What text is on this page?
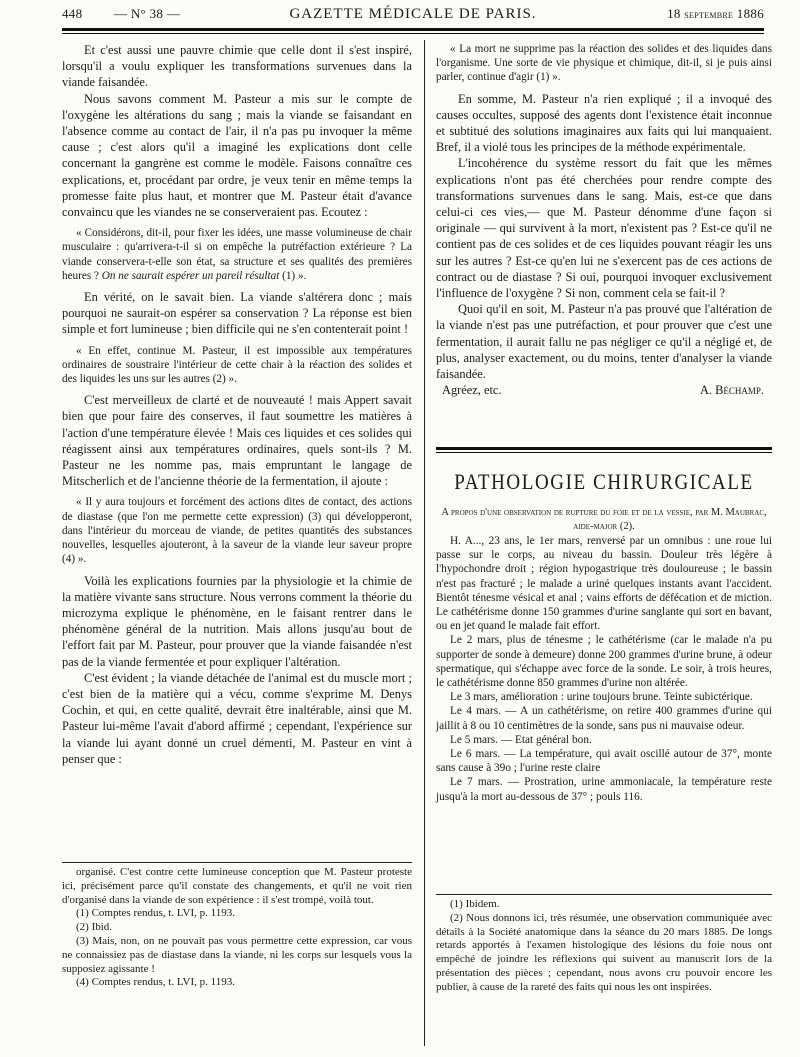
448 — N° 38 —	GAZETTE MÉDICALE DE PARIS.	18 septembre 1886

Et c'est aussi une pauvre chimie que celle dont il s'est inspiré, lorsqu'il a voulu expliquer les transformations survenues dans la viande faisandée.

Nous savons comment M. Pasteur a mis sur le compte de l'oxygène les altérations du sang ; mais la viande se faisandant en l'absence comme au contact de l'air, il n'a pas pu invoquer la même cause ; c'est alors qu'il a imaginé les explications dont celle concernant la gangrène est comme le modèle. Faisons connaître ces explications, et, procédant par ordre, je veux tenir en même temps la promesse faite plus haut, et montrer que M. Pasteur était d'avance convaincu que les viandes ne se conserveraient pas. Ecoutez :

« Considérons, dit-il, pour fixer les idées, une masse volumineuse de chair musculaire : qu'arrivera-t-il si on empêche la putréfaction extérieure ? La viande conservera-t-elle son état, sa structure et ses qualités des premières heures ? On ne saurait espérer un pareil résultat (1) ».

En vérité, on le savait bien. La viande s'altérera donc ; mais pourquoi ne saurait-on espérer sa conservation ? La réponse est bien simple et fort lumineuse ; bien difficile qui ne s'en contenterait point !

« En effet, continue M. Pasteur, il est impossible aux températures ordinaires de soustraire l'intérieur de cette chair à la réaction des solides et des liquides les uns sur les autres (2) ».

C'est merveilleux de clarté et de nouveauté ! mais Appert savait bien que pour faire des conserves, il faut soumettre les matières à l'action d'une température élevée ! Mais ces liquides et ces solides qui réagissent ainsi aux températures ordinaires, quels sont-ils ? M. Pasteur ne les nomme pas, mais empruntant le langage de Mitscherlich et de l'ancienne théorie de la fermentation, il ajoute :

« Il y aura toujours et forcément des actions dites de contact, des actions de diastase (que l'on me permette cette expression) (3) qui développeront, dans l'intérieur du morceau de viande, de petites quantités des substances nouvelles, lesquelles ajouteront, à la saveur de la viande leur saveur propre (4) ».

Voilà les explications fournies par la physiologie et la chimie de la matière vivante sans structure. Nous verrons comment la théorie du microzyma explique le phénomène, en le faisant rentrer dans le phénomène général de la nutrition. Mais allons jusqu'au bout de l'effort fait par M. Pasteur, pour prouver que la viande faisandée n'est pas de la viande fermentée et pour expliquer l'altération.

C'est évident ; la viande détachée de l'animal est du muscle mort ; c'est bien de la matière qui a vécu, comme s'exprime M. Denys Cochin, et qui, en cette qualité, devrait être inaltérable, ainsi que M. Pasteur lui-même l'avait d'abord affirmé ; cependant, l'expérience sur la viande lui ayant donné un cruel démenti, M. Pasteur en vint à penser que :

organisé. C'est contre cette lumineuse conception que M. Pasteur proteste ici, précisément parce qu'il constate des changements, et qu'il ne voit rien d'organisé dans la viande de son expérience : il s'est trompé, voilà tout.

(1) Comptes rendus, t. LVI, p. 1193.

(2) Ibid.

(3) Mais, non, on ne pouvait pas vous permettre cette expression, car vous ne connaissiez pas de diastase dans la viande, ni les corps sur lesquels vous la supposiez agissante !

(4) Comptes rendus, t. LVI, p. 1193.

« La mort ne supprime pas la réaction des solides et des liquides dans l'organisme. Une sorte de vie physique et chimique, dit-il, si je puis ainsi parler, continue d'agir (1) ».

En somme, M. Pasteur n'a rien expliqué ; il a invoqué des causes occultes, supposé des agents dont l'existence était inconnue et subtitué des solutions imaginaires aux faits qui lui manquaient. Bref, il a violé tous les principes de la méthode expérimentale.

L'incohérence du système ressort du fait que les mêmes explications n'ont pas été cherchées pour rendre compte des transformations survenues dans le sang. Mais, est-ce que dans celui-ci ces vies,— que M. Pasteur dénomme d'une façon si originale — qui survivent à la mort, n'existent pas ? Est-ce qu'il ne contient pas de ces solides et de ces liquides pouvant réagir les uns sur les autres ? Est-ce qu'en lui ne s'exercent pas de ces actions de contract ou de diastase ? Si oui, pourquoi invoquer exclusivement l'influence de l'oxygène ? Si non, comment cela se fait-il ?

Quoi qu'il en soit, M. Pasteur n'a pas prouvé que l'altération de la viande n'est pas une putréfaction, et pour prouver que c'est une fermentation, il aurait fallu ne pas négliger ce qu'il a négligé et, de plus, analyser exactement, ou du moins, tenter d'analyser la viande faisandée.

Agréez, etc.	A. Béchamp.
PATHOLOGIE CHIRURGICALE

A propos d'une observation de rupture du foie et de la vessie, par M. Maubrac, aide-major (2).

H. A..., 23 ans, le 1er mars, renversé par un omnibus : une roue lui passe sur le corps, au niveau du bassin. Douleur très légère à l'hypochondre droit ; région hypogastrique très douloureuse ; le bassin n'est pas fracturé ; le malade a uriné quelques instants avant l'accident. Bientôt ténesme vésical et anal ; vains efforts de défécation et de miction. Le cathétérisme donne 150 grammes d'urine sanglante qui sort en bavant, ou en jet quand le malade fait effort.

Le 2 mars, plus de ténesme ; le cathétérisme (car le malade n'a pu supporter de sonde à demeure) donne 200 grammes d'urine brune, à odeur spermatique, qui s'échappe avec force de la sonde. Le soir, à trois heures, le cathétérisme donne 850 grammes d'urine non altérée.

Le 3 mars, amélioration : urine toujours brune. Teinte subictérique.

Le 4 mars. — A un cathétérisme, on retire 400 grammes d'urine qui jaillit à 8 ou 10 centimètres de la sonde, sans pus ni mauvaise odeur.

Le 5 mars. — Etat général bon.

Le 6 mars. — La température, qui avait oscillé autour de 37°, monte sans cause à 39o ; l'urine reste claire

Le 7 mars. — Prostration, urine ammoniacale, la température reste jusqu'à la mort au-dessous de 37° ; pouls 116.

(1) Ibidem.

(2) Nous donnons ici, très résumée, une observation communiquée avec détails à la Société anatomique dans la séance du 20 mars 1885. De longs retards apportés à l'examen histologique des lésions du foie nous ont empêché de joindre les réflexions qui suivent au manuscrit lors de la présentation des pièces ; cependant, nous avons cru pouvoir encore les publier, à cause de la rareté des faits qui nous les ont inspirées.
